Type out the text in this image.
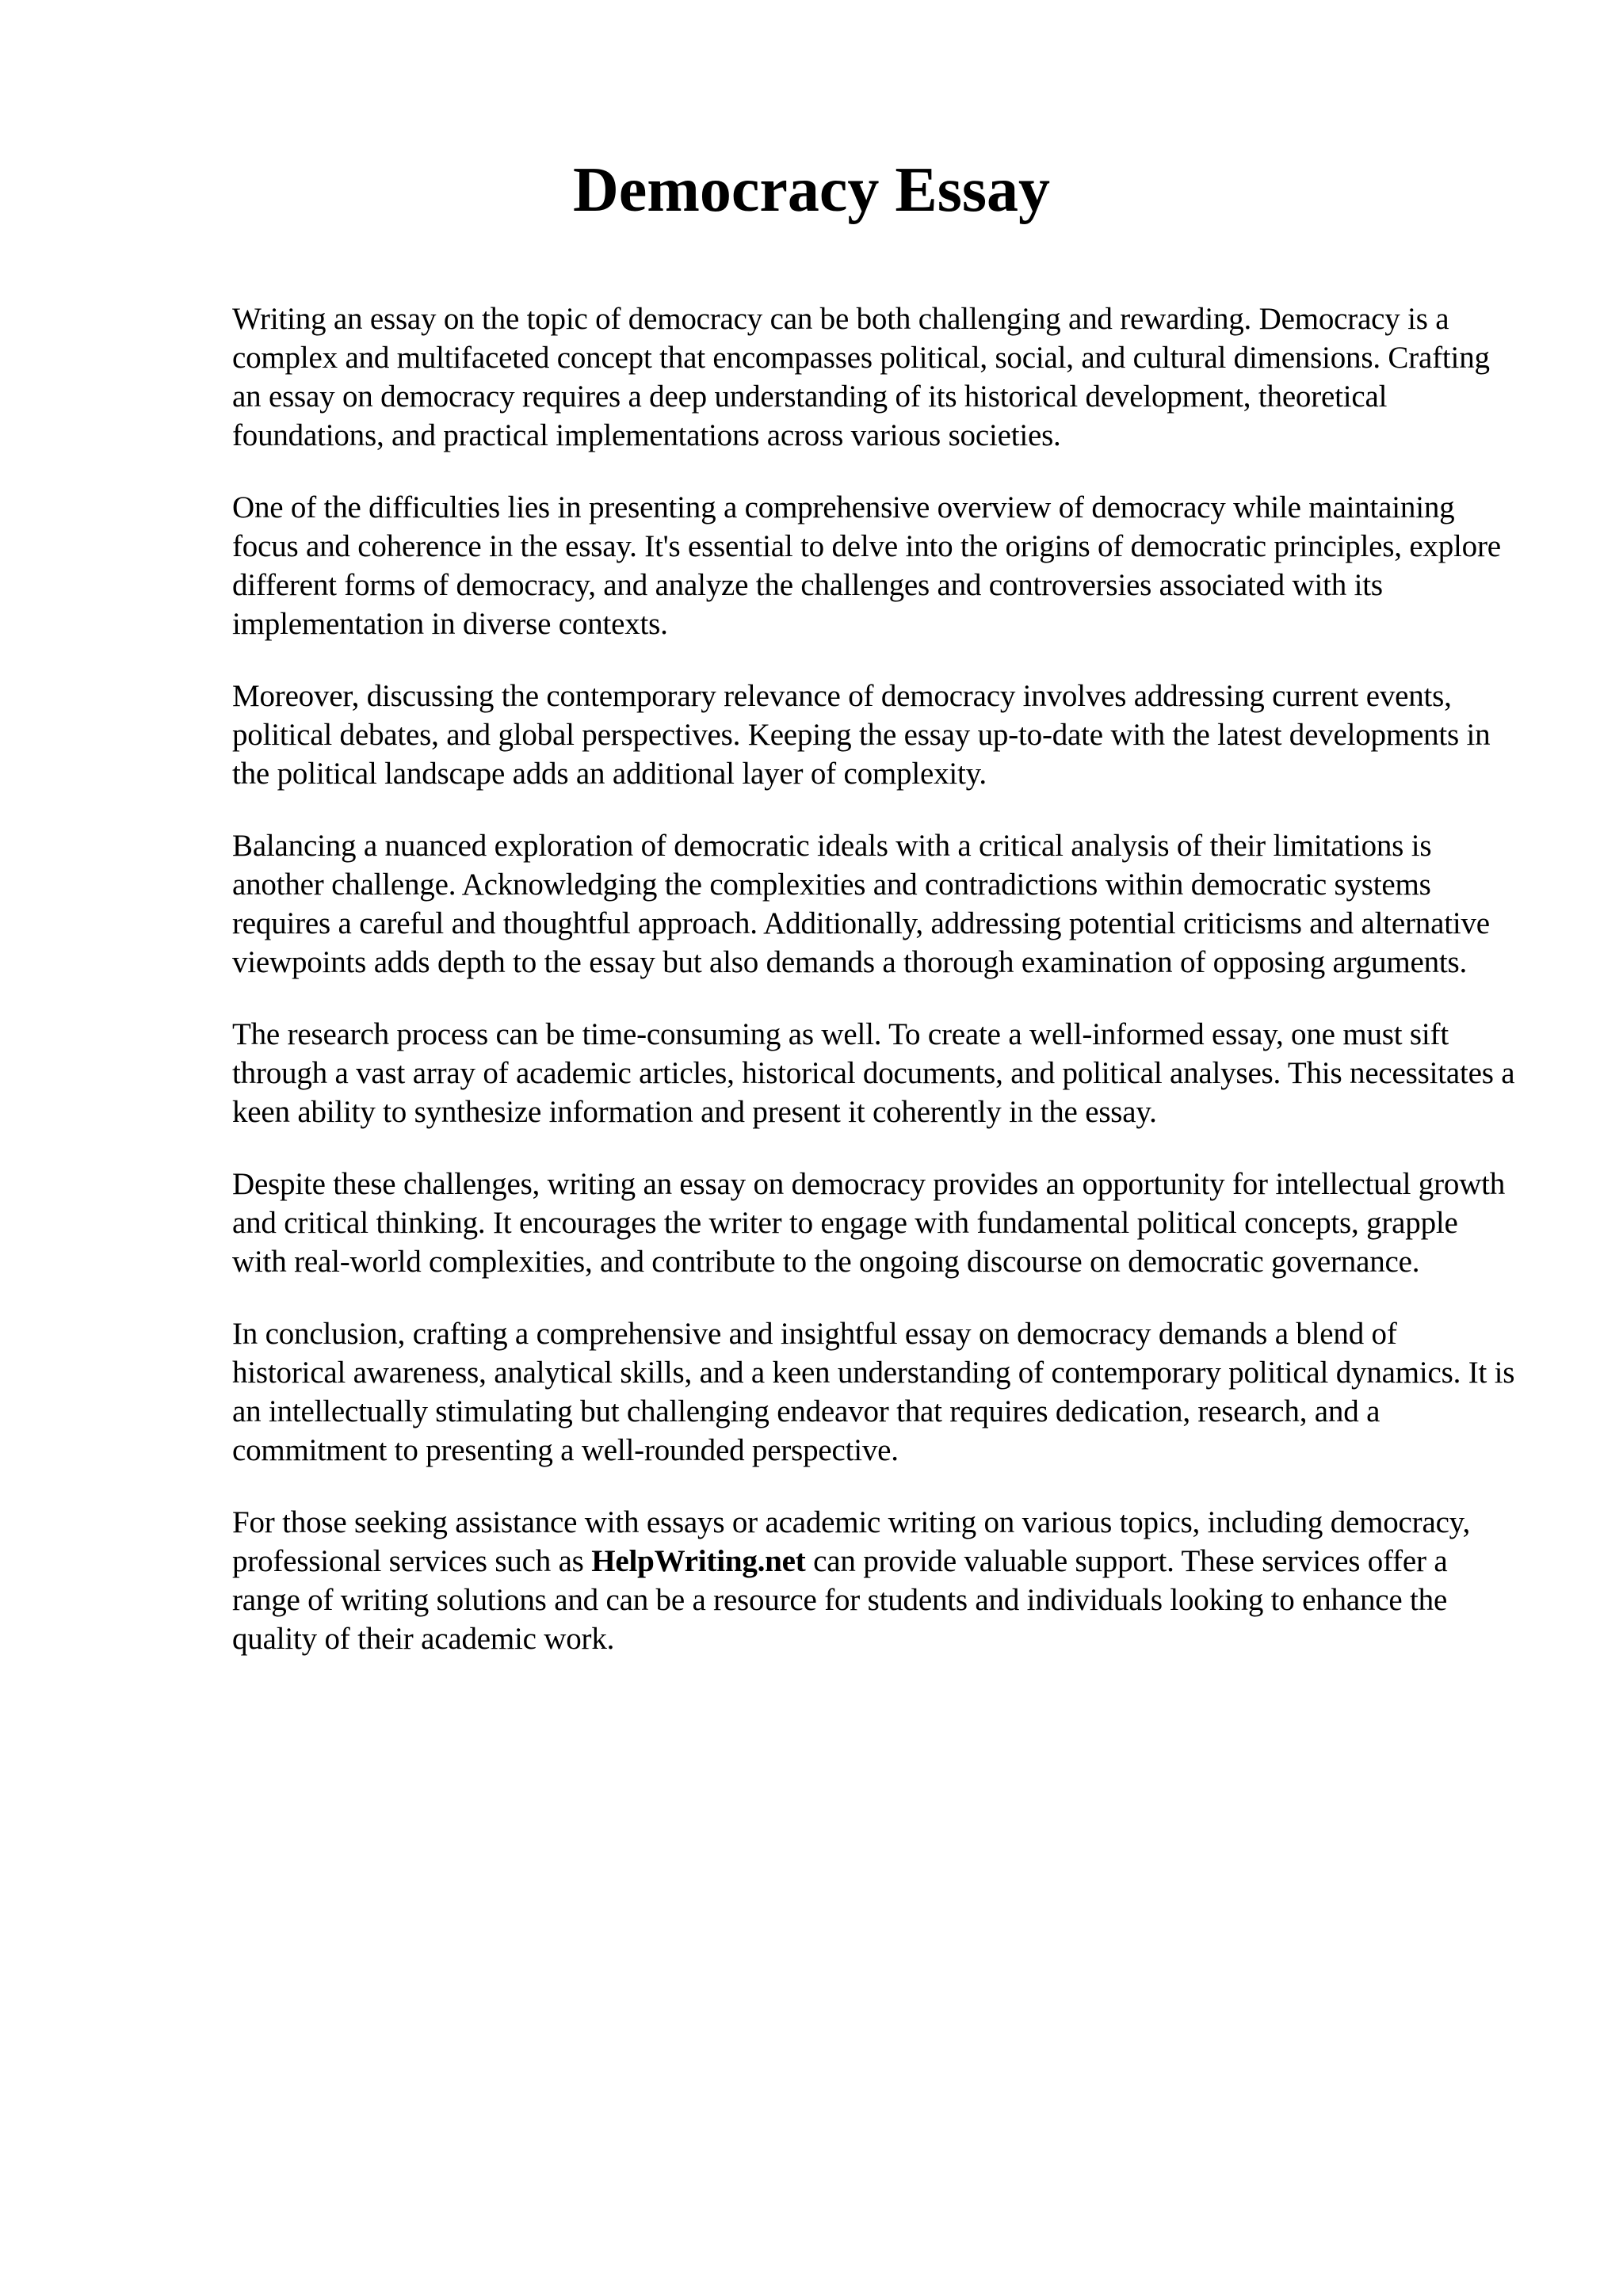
Democracy Essay

Writing an essay on the topic of democracy can be both challenging and rewarding. Democracy is a complex and multifaceted concept that encompasses political, social, and cultural dimensions. Crafting an essay on democracy requires a deep understanding of its historical development, theoretical foundations, and practical implementations across various societies.

One of the difficulties lies in presenting a comprehensive overview of democracy while maintaining focus and coherence in the essay. It's essential to delve into the origins of democratic principles, explore different forms of democracy, and analyze the challenges and controversies associated with its implementation in diverse contexts.

Moreover, discussing the contemporary relevance of democracy involves addressing current events, political debates, and global perspectives. Keeping the essay up-to-date with the latest developments in the political landscape adds an additional layer of complexity.

Balancing a nuanced exploration of democratic ideals with a critical analysis of their limitations is another challenge. Acknowledging the complexities and contradictions within democratic systems requires a careful and thoughtful approach. Additionally, addressing potential criticisms and alternative viewpoints adds depth to the essay but also demands a thorough examination of opposing arguments.

The research process can be time-consuming as well. To create a well-informed essay, one must sift through a vast array of academic articles, historical documents, and political analyses. This necessitates a keen ability to synthesize information and present it coherently in the essay.

Despite these challenges, writing an essay on democracy provides an opportunity for intellectual growth and critical thinking. It encourages the writer to engage with fundamental political concepts, grapple with real-world complexities, and contribute to the ongoing discourse on democratic governance.

In conclusion, crafting a comprehensive and insightful essay on democracy demands a blend of historical awareness, analytical skills, and a keen understanding of contemporary political dynamics. It is an intellectually stimulating but challenging endeavor that requires dedication, research, and a commitment to presenting a well-rounded perspective.

For those seeking assistance with essays or academic writing on various topics, including democracy, professional services such as HelpWriting.net can provide valuable support. These services offer a range of writing solutions and can be a resource for students and individuals looking to enhance the quality of their academic work.
